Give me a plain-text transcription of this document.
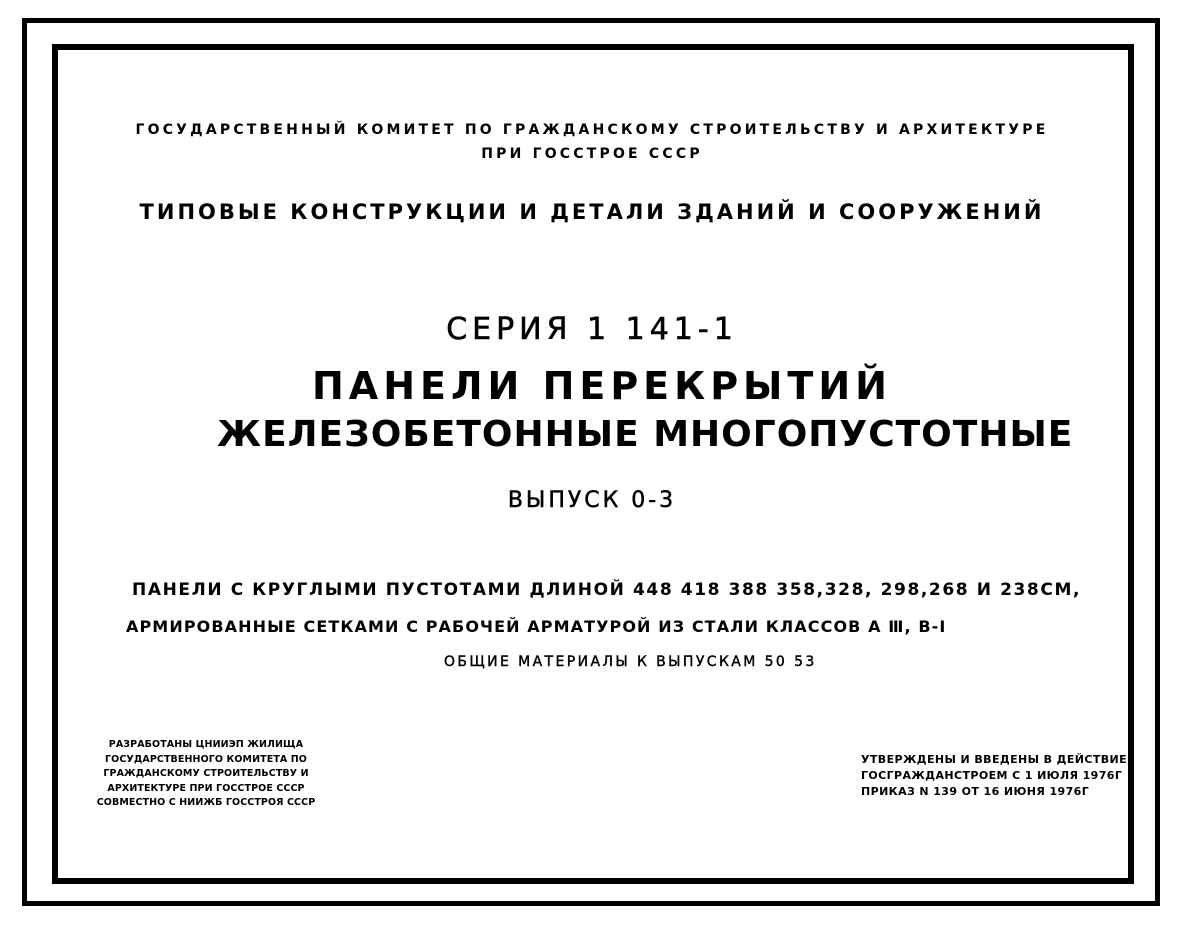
ГОСУДАРСТВЕННЫЙ КОМИТЕТ ПО ГРАЖДАНСКОМУ СТРОИТЕЛЬСТВУ И АРХИТЕКТУРЕ
ПРИ ГОССТРОЕ СССР
ТИПОВЫЕ КОНСТРУКЦИИ И ДЕТАЛИ ЗДАНИЙ И СООРУЖЕНИЙ
СЕРИЯ 1 141-1
ПАНЕЛИ ПЕРЕКРЫТИЙ
ЖЕЛЕЗОБЕТОННЫЕ МНОГОПУСТОТНЫЕ
ВЫПУСК 0-3
ПАНЕЛИ С КРУГЛЫМИ ПУСТОТАМИ ДЛИНОЙ 448 418 388 358,328, 298,268 И 238СМ,
АРМИРОВАННЫЕ СЕТКАМИ С РАБОЧЕЙ АРМАТУРОЙ ИЗ СТАЛИ КЛАССОВ А Ⅲ, В-I
ОБЩИЕ МАТЕРИАЛЫ К ВЫПУСКАМ 50 53
РАЗРАБОТАНЫ ЦНИИЭП ЖИЛИЩА
ГОСУДАРСТВЕННОГО КОМИТЕТА ПО
ГРАЖДАНСКОМУ СТРОИТЕЛЬСТВУ И
АРХИТЕКТУРЕ ПРИ ГОССТРОЕ СССР
СОВМЕСТНО С НИИЖБ ГОССТРОЯ СССР
УТВЕРЖДЕНЫ И ВВЕДЕНЫ В ДЕЙСТВИЕ
ГОСГРАЖДАНСТРОЕМ С 1 ИЮЛЯ 1976Г
ПРИКАЗ N 139 ОТ 16 ИЮНЯ 1976Г
